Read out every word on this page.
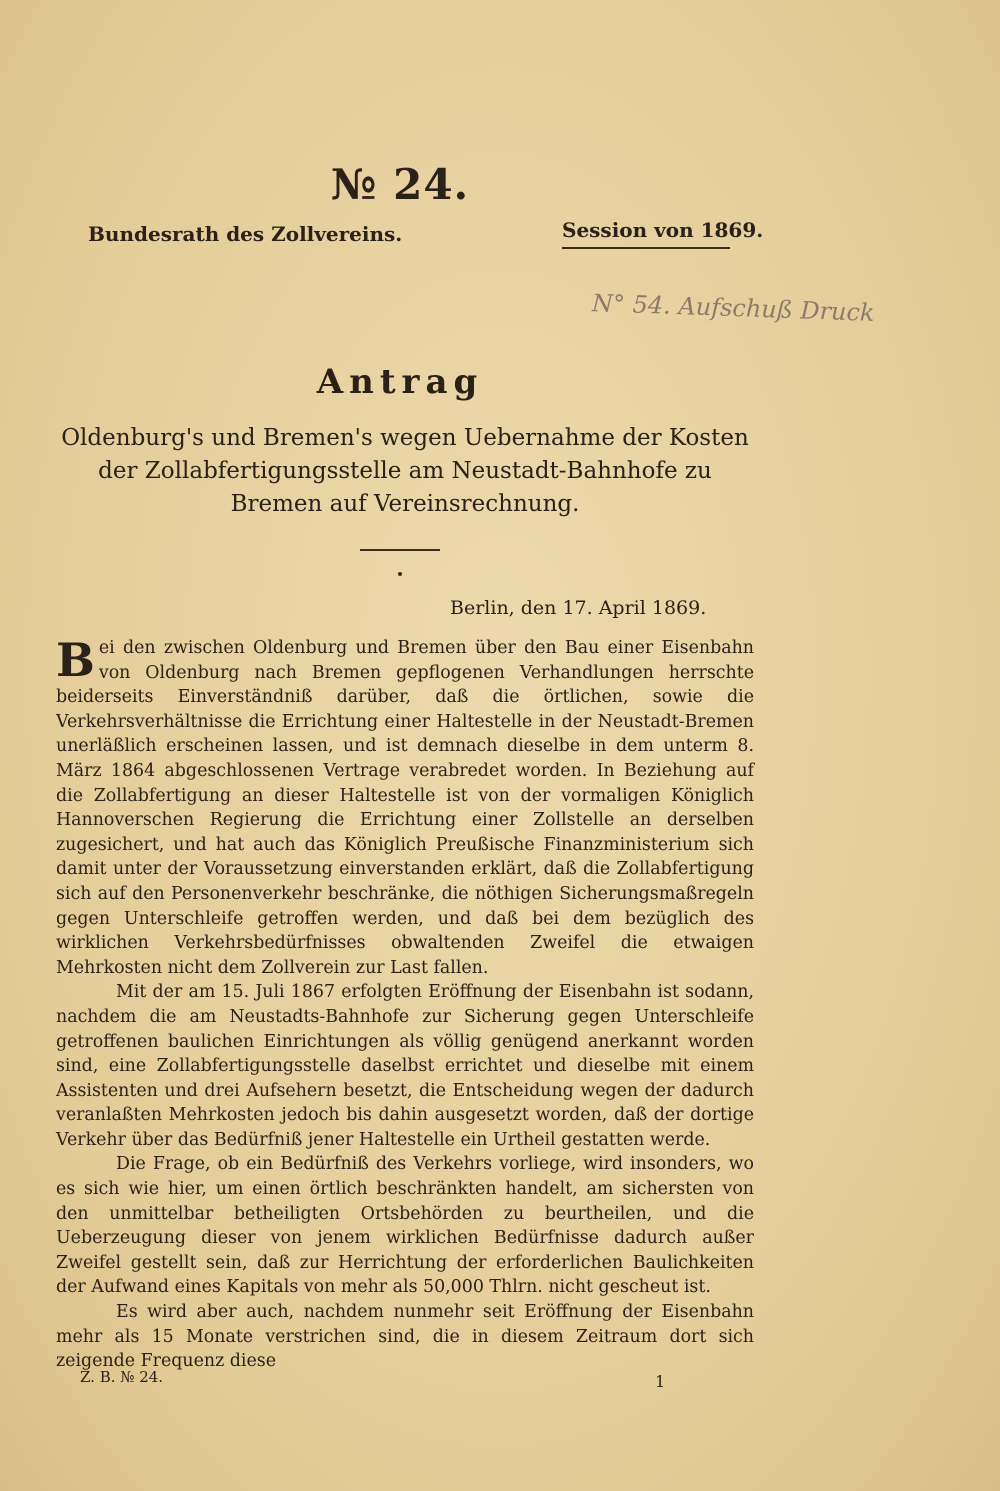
№ 24.
Bundesrath des Zollvereins.	Session von 1869.
N° 54. Aufschuß Druck
Antrag
Oldenburg's und Bremen's wegen Uebernahme der Kosten der Zollabfertigungsstelle am Neustadt-Bahnhofe zu Bremen auf Vereinsrechnung.
Berlin, den 17. April 1869.

Bei den zwischen Oldenburg und Bremen über den Bau einer Eisenbahn von Oldenburg nach Bremen gepflogenen Verhandlungen herrschte beiderseits Einverständniß darüber, daß die örtlichen, sowie die Verkehrsverhältnisse die Errichtung einer Haltestelle in der Neustadt-Bremen unerläßlich erscheinen lassen, und ist demnach dieselbe in dem unterm 8. März 1864 abgeschlossenen Vertrage verabredet worden. In Beziehung auf die Zollabfertigung an dieser Haltestelle ist von der vormaligen Königlich Hannoverschen Regierung die Errichtung einer Zollstelle an derselben zugesichert, und hat auch das Königlich Preußische Finanzministerium sich damit unter der Voraussetzung einverstanden erklärt, daß die Zollabfertigung sich auf den Personenverkehr beschränke, die nöthigen Sicherungsmaßregeln gegen Unterschleife getroffen werden, und daß bei dem bezüglich des wirklichen Verkehrsbedürfnisses obwaltenden Zweifel die etwaigen Mehrkosten nicht dem Zollverein zur Last fallen.

Mit der am 15. Juli 1867 erfolgten Eröffnung der Eisenbahn ist sodann, nachdem die am Neustadts-Bahnhofe zur Sicherung gegen Unterschleife getroffenen baulichen Einrichtungen als völlig genügend anerkannt worden sind, eine Zollabfertigungsstelle daselbst errichtet und dieselbe mit einem Assistenten und drei Aufsehern besetzt, die Entscheidung wegen der dadurch veranlaßten Mehrkosten jedoch bis dahin ausgesetzt worden, daß der dortige Verkehr über das Bedürfniß jener Haltestelle ein Urtheil gestatten werde.

Die Frage, ob ein Bedürfniß des Verkehrs vorliege, wird insonders, wo es sich wie hier, um einen örtlich beschränkten handelt, am sichersten von den unmittelbar betheiligten Ortsbehörden zu beurtheilen, und die Ueberzeugung dieser von jenem wirklichen Bedürfnisse dadurch außer Zweifel gestellt sein, daß zur Herrichtung der erforderlichen Baulichkeiten der Aufwand eines Kapitals von mehr als 50,000 Thlrn. nicht gescheut ist.

Es wird aber auch, nachdem nunmehr seit Eröffnung der Eisenbahn mehr als 15 Monate verstrichen sind, die in diesem Zeitraum dort sich zeigende Frequenz diese

Z. B. № 24.	1
